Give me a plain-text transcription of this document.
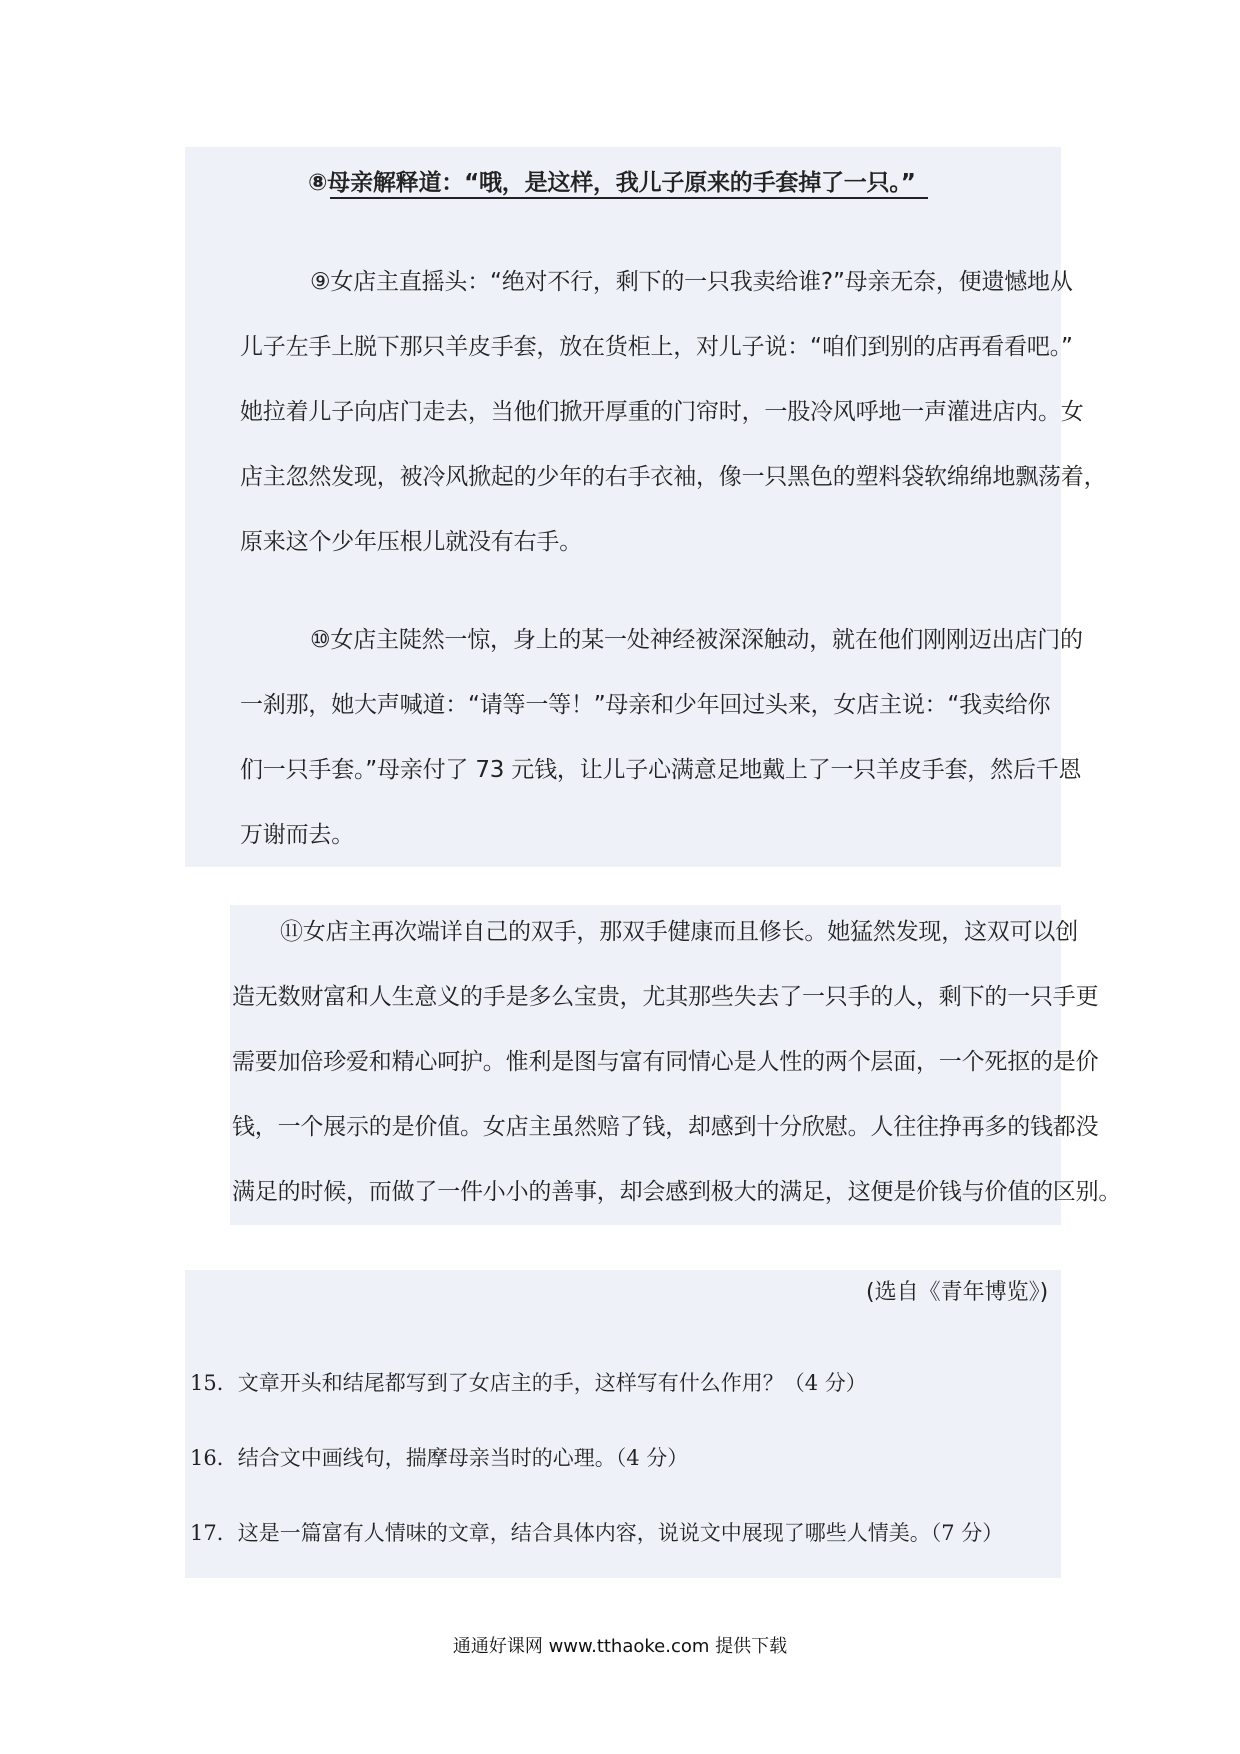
⑧母亲解释道：“哦，是这样，我儿子原来的手套掉了一只。”
⑨女店主直摇头：“绝对不行，剩下的一只我卖给谁?”母亲无奈，便遗憾地从
儿子左手上脱下那只羊皮手套，放在货柜上，对儿子说：“咱们到别的店再看看吧。”
她拉着儿子向店门走去，当他们掀开厚重的门帘时，一股冷风呼地一声灌进店内。女
店主忽然发现，被冷风掀起的少年的右手衣袖，像一只黑色的塑料袋软绵绵地飘荡着，
原来这个少年压根儿就没有右手。
⑩女店主陡然一惊，身上的某一处神经被深深触动，就在他们刚刚迈出店门的
一刹那，她大声喊道：“请等一等！”母亲和少年回过头来，女店主说：“我卖给你
们一只手套。”母亲付了 73 元钱，让儿子心满意足地戴上了一只羊皮手套，然后千恩
万谢而去。
⑪女店主再次端详自己的双手，那双手健康而且修长。她猛然发现，这双可以创
造无数财富和人生意义的手是多么宝贵，尤其那些失去了一只手的人，剩下的一只手更
需要加倍珍爱和精心呵护。惟利是图与富有同情心是人性的两个层面，一个死抠的是价
钱，一个展示的是价值。女店主虽然赔了钱，却感到十分欣慰。人往往挣再多的钱都没
满足的时候，而做了一件小小的善事，却会感到极大的满足，这便是价钱与价值的区别。
(选自《青年博览》)
15．文章开头和结尾都写到了女店主的手，这样写有什么作用？（4 分）
16．结合文中画线句，揣摩母亲当时的心理。（4 分）
17．这是一篇富有人情味的文章，结合具体内容，说说文中展现了哪些人情美。（7 分）
通通好课网 www.tthaoke.com 提供下载
